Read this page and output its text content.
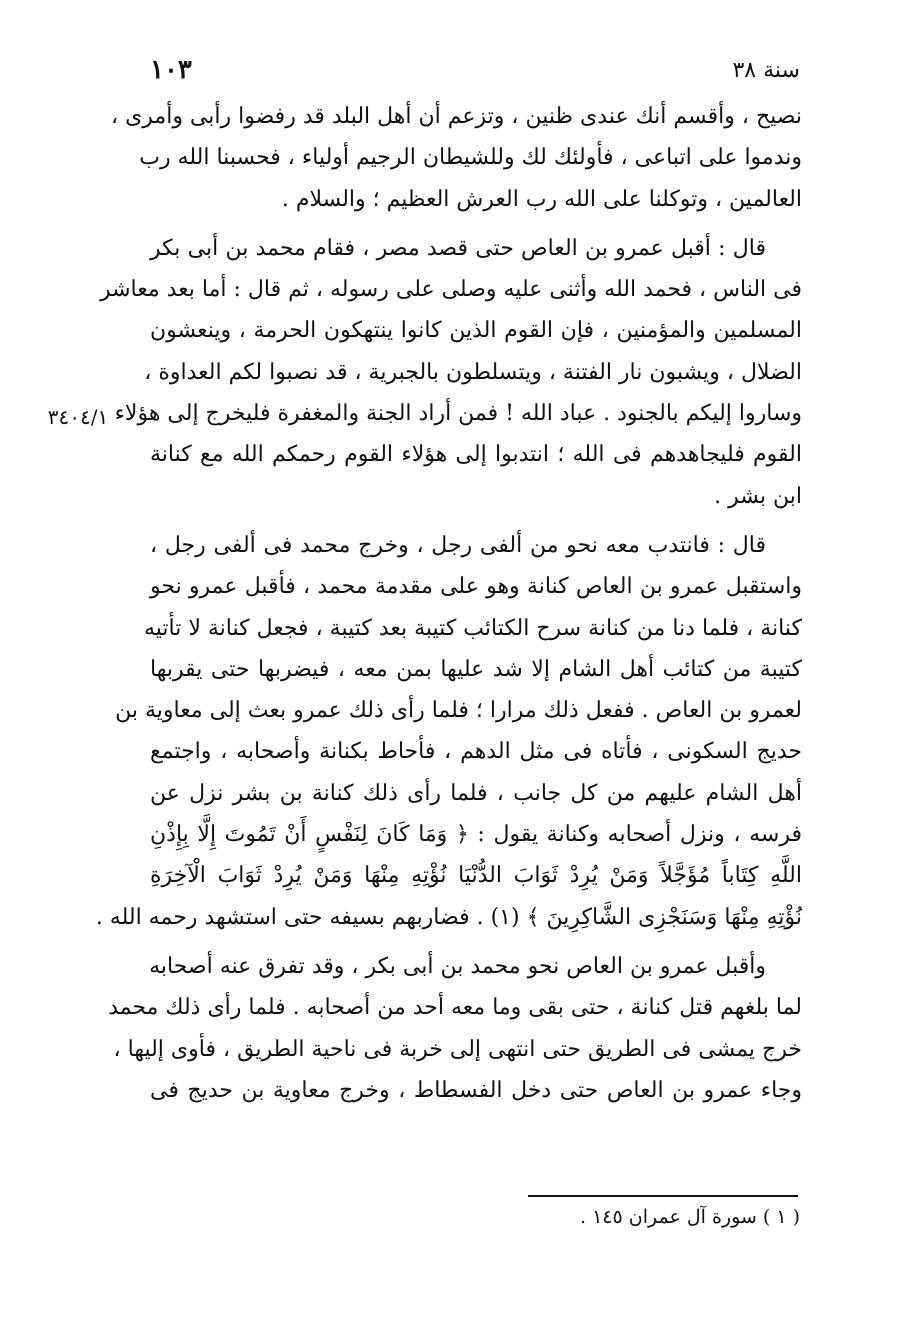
سنة ٣٨
١٠٣
٣٤٠٤/١
نصيح ، وأقسم أنك عندى ظنين ، وتزعم أن أهل البلد قد رفضوا رأبى وأمرى ،
وندموا على اتباعى ، فأولئك لك وللشيطان الرجيم أولياء ، فحسبنا الله رب
العالمين ، وتوكلنا على الله رب العرش العظيم ؛ والسلام .
قال : أقبل عمرو بن العاص حتى قصد مصر ، فقام محمد بن أبى بكر
فى الناس ، فحمد الله وأثنى عليه وصلى على رسوله ، ثم قال : أما بعد معاشر
المسلمين والمؤمنين ، فإن القوم الذين كانوا ينتهكون الحرمة ، وينعشون
الضلال ، ويشبون نار الفتنة ، ويتسلطون بالجبرية ، قد نصبوا لكم العداوة ،
وساروا إليكم بالجنود . عباد الله ! فمن أراد الجنة والمغفرة فليخرج إلى هؤلاء
القوم فليجاهدهم فى الله ؛ انتدبوا إلى هؤلاء القوم رحمكم الله مع كنانة
ابن بشر .
قال : فانتدب معه نحو من ألفى رجل ، وخرج محمد فى ألفى رجل ،
واستقبل عمرو بن العاص كنانة وهو على مقدمة محمد ، فأقبل عمرو نحو
كنانة ، فلما دنا من كنانة سرح الكتائب كتيبة بعد كتيبة ، فجعل كنانة لا تأتيه
كتيبة من كتائب أهل الشام إلا شد عليها بمن معه ، فيضربها حتى يقربها
لعمرو بن العاص . ففعل ذلك مرارا ؛ فلما رأى ذلك عمرو بعث إلى معاوية بن
حديج السكونى ، فأتاه فى مثل الدهم ، فأحاط بكنانة وأصحابه ، واجتمع
أهل الشام عليهم من كل جانب ، فلما رأى ذلك كنانة بن بشر نزل عن
فرسه ، ونزل أصحابه وكنانة يقول : ﴿ وَمَا كَانَ لِنَفْسٍ أَنْ تَمُوتَ إِلَّا بِإِذْنِ
اللَّهِ كِتَاباً مُؤَجَّلاً وَمَنْ يُرِدْ ثَوَابَ الدُّنْيَا نُؤْتِهِ مِنْهَا وَمَنْ يُرِدْ ثَوَابَ الْآخِرَةِ
نُؤْتِهِ مِنْهَا وَسَنَجْزِى الشَّاكِرِينَ ﴾ (١) . فضاربهم بسيفه حتى استشهد رحمه الله .
وأقبل عمرو بن العاص نحو محمد بن أبى بكر ، وقد تفرق عنه أصحابه
لما بلغهم قتل كنانة ، حتى بقى وما معه أحد من أصحابه . فلما رأى ذلك محمد
خرج يمشى فى الطريق حتى انتهى إلى خربة فى ناحية الطريق ، فأوى إليها ،
وجاء عمرو بن العاص حتى دخل الفسطاط ، وخرج معاوية بن حديج فى
( ١ ) سورة آل عمران ١٤٥ .
